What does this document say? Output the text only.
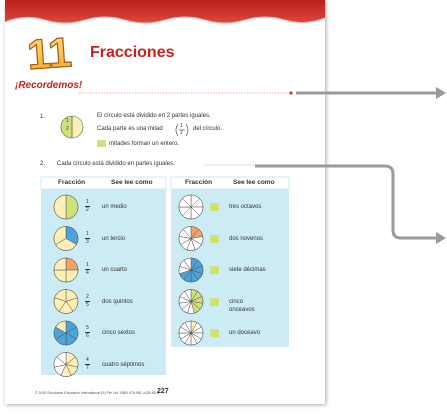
11 Fracciones
¡Recordemos!
1.
1
2
El círculo está dividido en 2 partes iguales.
Cada parte es una mitad	1
2
del círculo.
mitades forman un entero.
2. Cada círculo está dividido en partes iguales.
Fracción	See lee como	Fracción	See lee como
$\frac{1}{2}$ un medio
$\frac{1}{3}$ un tercio
$\frac{1}{4}$ un cuarto
$\frac{2}{5}$ dos quintos
$\frac{5}{6}$ cinco sextos
$\frac{4}{7}$ cuatro séptimos
tres octavos
dos novenos
siete décimas
cinco onceavos
un doceavo
© 2015 Scholastic Education International (S) Pte Ltd. ISBN 978-981-4428-88-8
227
